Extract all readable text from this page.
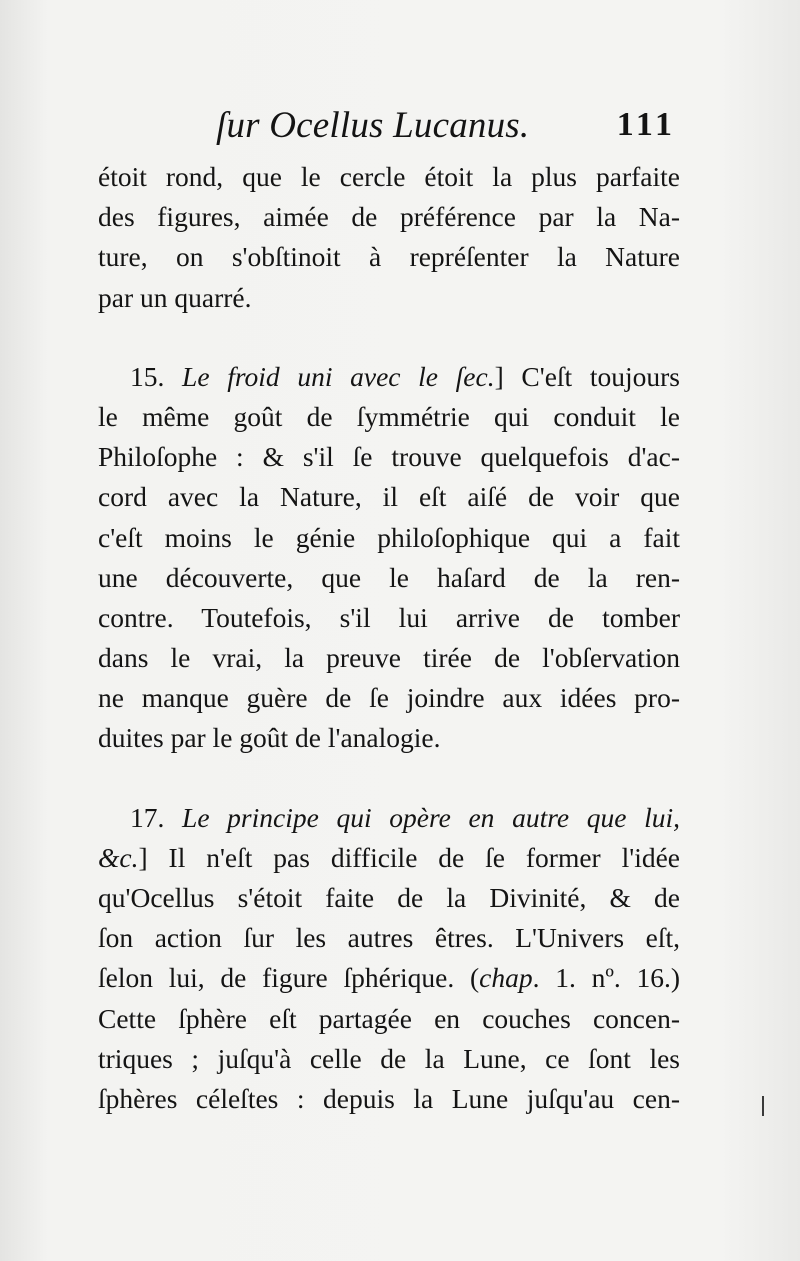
ſur Ocellus Lucanus.	111
étoit rond, que le cercle étoit la plus parfaite
des figures, aimée de préférence par la Na-
ture, on s'obſtinoit à repréſenter la Nature
par un quarré.
15. Le froid uni avec le ſec.] C'eſt toujours
le même goût de ſymmétrie qui conduit le
Philoſophe : & s'il ſe trouve quelquefois d'ac-
cord avec la Nature, il eſt aiſé de voir que
c'eſt moins le génie philoſophique qui a fait
une découverte, que le haſard de la ren-
contre. Toutefois, s'il lui arrive de tomber
dans le vrai, la preuve tirée de l'obſervation
ne manque guère de ſe joindre aux idées pro-
duites par le goût de l'analogie.
17. Le principe qui opère en autre que lui,
&c.] Il n'eſt pas difficile de ſe former l'idée
qu'Ocellus s'étoit faite de la Divinité, & de
ſon action ſur les autres êtres. L'Univers eſt,
ſelon lui, de figure ſphérique. (chap. 1. nº. 16.)
Cette ſphère eſt partagée en couches concen-
triques ; juſqu'à celle de la Lune, ce ſont les
ſphères céleſtes : depuis la Lune juſqu'au cen-
